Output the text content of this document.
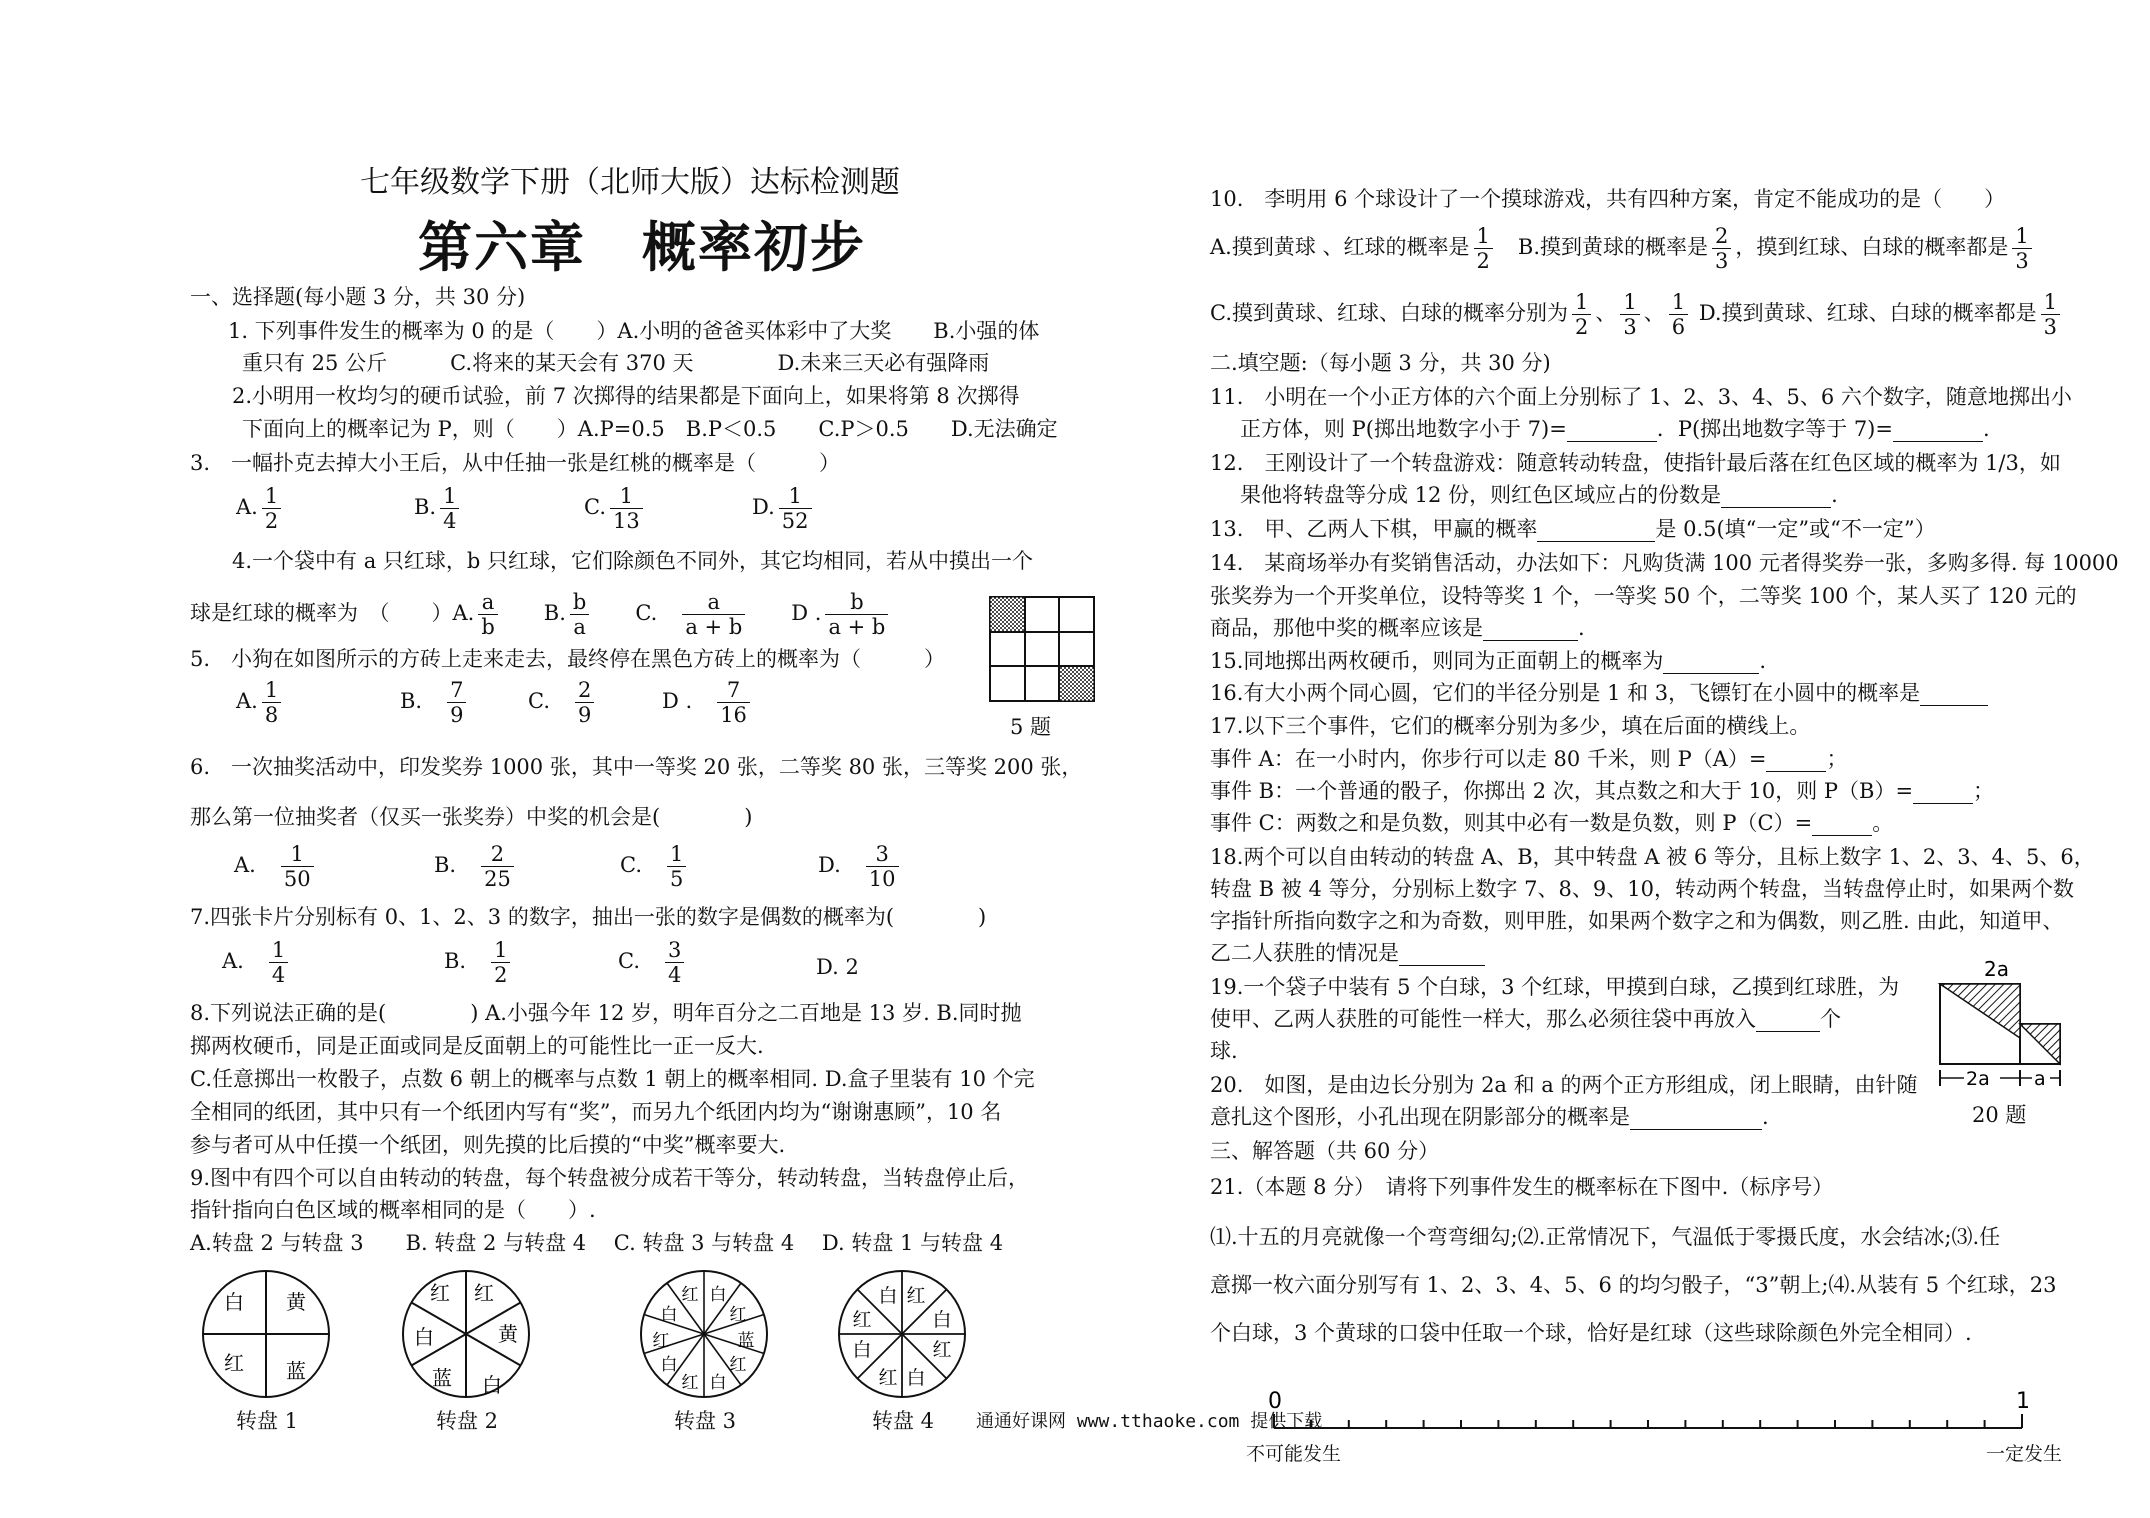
七年级数学下册（北师大版）达标检测题
第六章　概率初步
一、选择题(每小题 3 分，共 30 分)
1. 下列事件发生的概率为 0 的是（　　）A.小明的爸爸买体彩中了大奖　　B.小强的体
重只有 25 公斤　　　C.将来的某天会有 370 天　　　　D.未来三天必有强降雨
2.小明用一枚均匀的硬币试验，前 7 次掷得的结果都是下面向上，如果将第 8 次掷得
下面向上的概率记为 P，则（　　）A.P=0.5　B.P＜0.5　　C.P＞0.5　　D.无法确定
3.　一幅扑克去掉大小王后，从中任抽一张是红桃的概率是（　　　）
A. $\frac{1}{2}$	B. $\frac{1}{4}$	C. $\frac{1}{13}$	D. $\frac{1}{52}$
4.一个袋中有 a 只红球，b 只红球，它们除颜色不同外，其它均相同，若从中摸出一个
球是红球的概率为　（　　）A. $\frac{a}{b}$
　　 B. $\frac{b}{a}$ 　　C.　 $\frac{a}{a + b}$
　　 D . $\frac{b}{a + b}$
5 题
5.　小狗在如图所示的方砖上走来走去，最终停在黑色方砖上的概率为（　　　）
A. $\frac{1}{8}$	B.　 $\frac{7}{9}$	C.　 $\frac{2}{9}$	D .　 $\frac{7}{16}$
6.　一次抽奖活动中，印发奖券 1000 张，其中一等奖 20 张，二等奖 80 张，三等奖 200 张，
那么第一位抽奖者（仅买一张奖券）中奖的机会是(　　　　)
A.　 $\frac{1}{50}$	B.　 $\frac{2}{25}$	C.　 $\frac{1}{5}$	D.　 $\frac{3}{10}$
7.四张卡片分别标有 0、1、2、3 的数字，抽出一张的数字是偶数的概率为(　　　　)
A.　 $\frac{1}{4}$	B.　 $\frac{1}{2}$	C.　 $\frac{3}{4}$	D. 2
8.下列说法正确的是(　　　　) A.小强今年 12 岁，明年百分之二百地是 13 岁. B.同时抛
掷两枚硬币，同是正面或同是反面朝上的可能性比一正一反大.
C.任意掷出一枚骰子，点数 6 朝上的概率与点数 1 朝上的概率相同. D.盒子里装有 10 个完
全相同的纸团，其中只有一个纸团内写有“奖”，而另九个纸团内均为“谢谢惠顾”，10 名
参与者可从中任摸一个纸团，则先摸的比后摸的“中奖”概率要大.
9.图中有四个可以自由转动的转盘，每个转盘被分成若干等分，转动转盘，当转盘停止后，
指针指向白色区域的概率相同的是（　　）.
A.转盘 2 与转盘 3　　B. 转盘 2 与转盘 4　 C. 转盘 3 与转盘 4　 D. 转盘 1 与转盘 4
白 黄
蓝
红
转盘 1
红
黄
白
蓝
白
红
转盘 2
白
红
蓝
红
白
红
白
红
白
红
转盘 3
红
白
红
白
红
白
红
白
转盘 4 通通好课网 www.tthaoke.com 提供下载
10.　李明用 6 个球设计了一个摸球游戏，共有四种方案，肯定不能成功的是（　　）
A.摸到黄球 、红球的概率是 $\frac{1}{2}$
　 B.摸到黄球的概率是 $\frac{2}{3}$ ，摸到红球、白球的概率都是 $\frac{1}{3}$
C.摸到黄球、红球、白球的概率分别为 $\frac{1}{2}$ 、 $\frac{1}{3}$ 、 $\frac{1}{6} D$.摸到黄球、红球、白球的概率都是 $\frac{1}{3}$
二.填空题:（每小题 3 分，共 30 分)
11.　小明在一个小正方体的六个面上分别标了 1、2、3、4、5、6 六个数字，随意地掷出小
正方体，则 P(掷出地数字小于 7)=	．P(掷出地数字等于 7)=	.
12.　王刚设计了一个转盘游戏：随意转动转盘，使指针最后落在红色区域的概率为 1/3，如
果他将转盘等分成 12 份，则红色区域应占的份数是	.
13.　甲、乙两人下棋，甲赢的概率	是 0.5(填“一定”或“不一定”）
14.　某商场举办有奖销售活动，办法如下：凡购货满 100 元者得奖券一张，多购多得. 每 10000
张奖券为一个开奖单位，设特等奖 1 个，一等奖 50 个，二等奖 100 个，某人买了 120 元的
商品，那他中奖的概率应该是	.
15.同地掷出两枚硬币，则同为正面朝上的概率为	.
16.有大小两个同心圆，它们的半径分别是 1 和 3，飞镖钉在小圆中的概率是
17.以下三个事件，它们的概率分别为多少，填在后面的横线上。
事件 A：在一小时内，你步行可以走 80 千米，则 P（A）=	；
事件 B：一个普通的骰子，你掷出 2 次，其点数之和大于 10，则 P（B）=	；
事件 C：两数之和是负数，则其中必有一数是负数，则 P（C）=	。
18.两个可以自由转动的转盘 A、B，其中转盘 A 被 6 等分，且标上数字 1、2、3、4、5、6，
转盘 B 被 4 等分，分别标上数字 7、8、9、10，转动两个转盘，当转盘停止时，如果两个数
字指针所指向数字之和为奇数，则甲胜，如果两个数字之和为偶数，则乙胜. 由此，知道甲、
乙二人获胜的情况是
19.一个袋子中装有 5 个白球，3 个红球，甲摸到白球，乙摸到红球胜，为
使甲、乙两人获胜的可能性一样大，那么必须往袋中再放入	个
球.
20.　如图，是由边长分别为 2a 和 a 的两个正方形组成，闭上眼睛，由针随
意扎这个图形，小孔出现在阴影部分的概率是	.
2a
2a a
20 题
三、解答题（共 60 分）
21.（本题 8 分）　请将下列事件发生的概率标在下图中.（标序号）
⑴.十五的月亮就像一个弯弯细勾;⑵.正常情况下，气温低于零摄氏度，水会结冰;⑶.任
意掷一枚六面分别写有 1、2、3、4、5、6 的均匀骰子，“3”朝上;⑷.从装有 5 个红球，23
个白球，3 个黄球的口袋中任取一个球，恰好是红球（这些球除颜色外完全相同）.
0	1
不可能发生	一定发生
